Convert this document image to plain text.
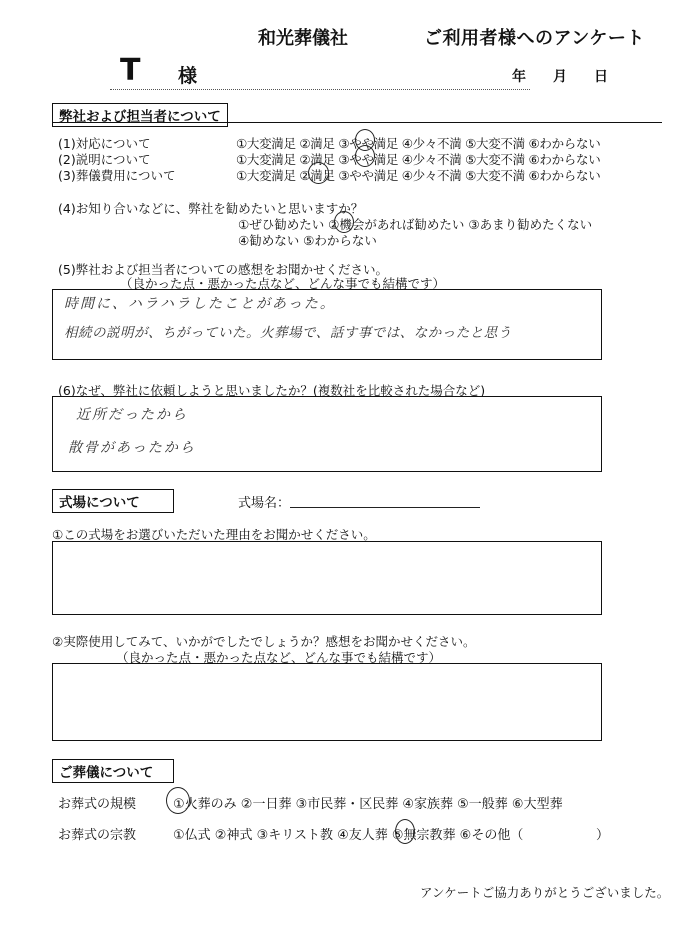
和光葬儀社	ご利用者様へのアンケート
T 様	年 月 日
弊社および担当者について
(1)対応について	①大変満足 ②満足 ③やや満足 ④少々不満 ⑤大変不満 ⑥わからない
(2)説明について	①大変満足 ②満足 ③やや満足 ④少々不満 ⑤大変不満 ⑥わからない
(3)葬儀費用について	①大変満足 ②満足 ③やや満足 ④少々不満 ⑤大変不満 ⑥わからない
(4)お知り合いなどに、弊社を勧めたいと思いますか？
①ぜひ勧めたい ②機会があれば勧めたい ③あまり勧めたくない
④勧めない ⑤わからない
(5)弊社および担当者についての感想をお聞かせください。
（良かった点・悪かった点など、どんな事でも結構です）
時間に、ハラハラしたことがあった。
相続の説明が、ちがっていた。火葬場で、話す事では、なかったと思う
(6)なぜ、弊社に依頼しようと思いましたか？(複数社を比較された場合など)
近所だったから
散骨があったから
式場について	式場名：
①この式場をお選びいただいた理由をお聞かせください。
②実際使用してみて、いかがでしたでしょうか？感想をお聞かせください。
（良かった点・悪かった点など、どんな事でも結構です）
ご葬儀について
お葬式の規模	①火葬のみ ②一日葬 ③市民葬・区民葬 ④家族葬 ⑤一般葬 ⑥大型葬
お葬式の宗教	①仏式 ②神式 ③キリスト教 ④友人葬 ⑤無宗教葬 ⑥その他（	）
アンケートご協力ありがとうございました。
